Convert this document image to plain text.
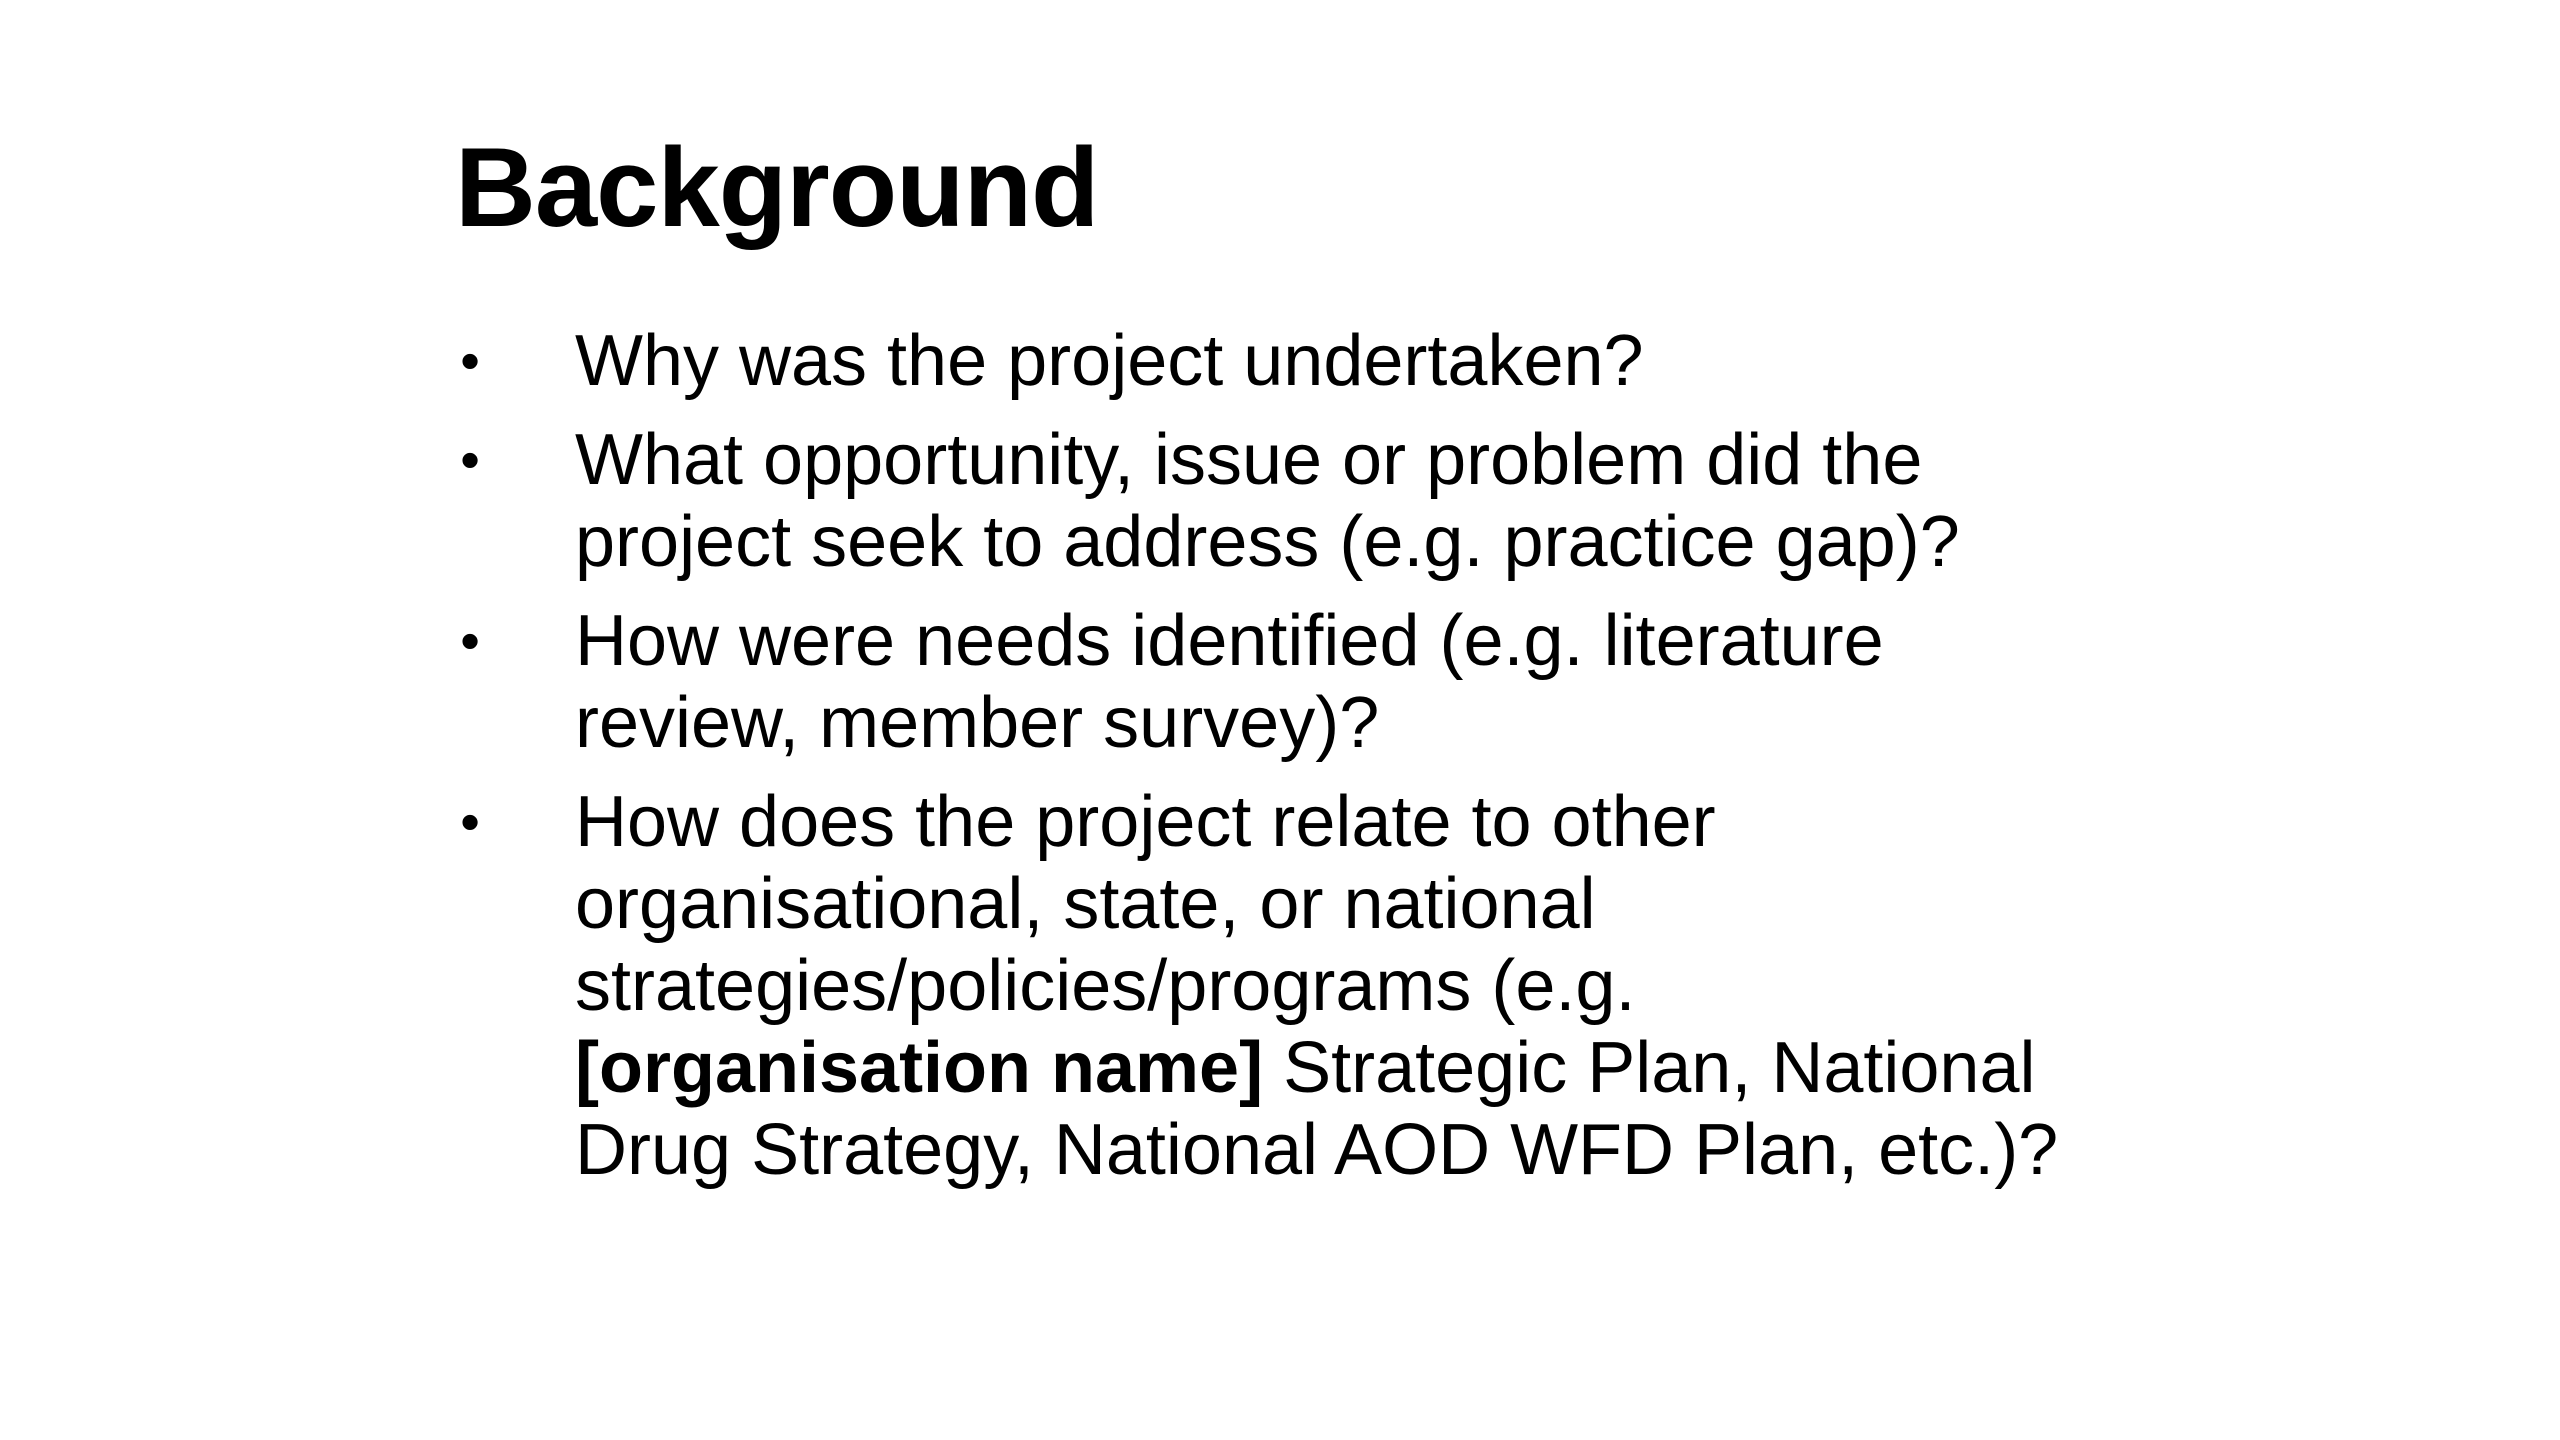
Background
• Why was the project undertaken?
• What opportunity, issue or problem did the
project seek to address (e.g. practice gap)?
• How were needs identified (e.g. literature
review, member survey)?
• How does the project relate to other
organisational, state, or national
strategies/policies/programs (e.g.
[organisation name] Strategic Plan, National
Drug Strategy, National AOD WFD Plan, etc.)?
